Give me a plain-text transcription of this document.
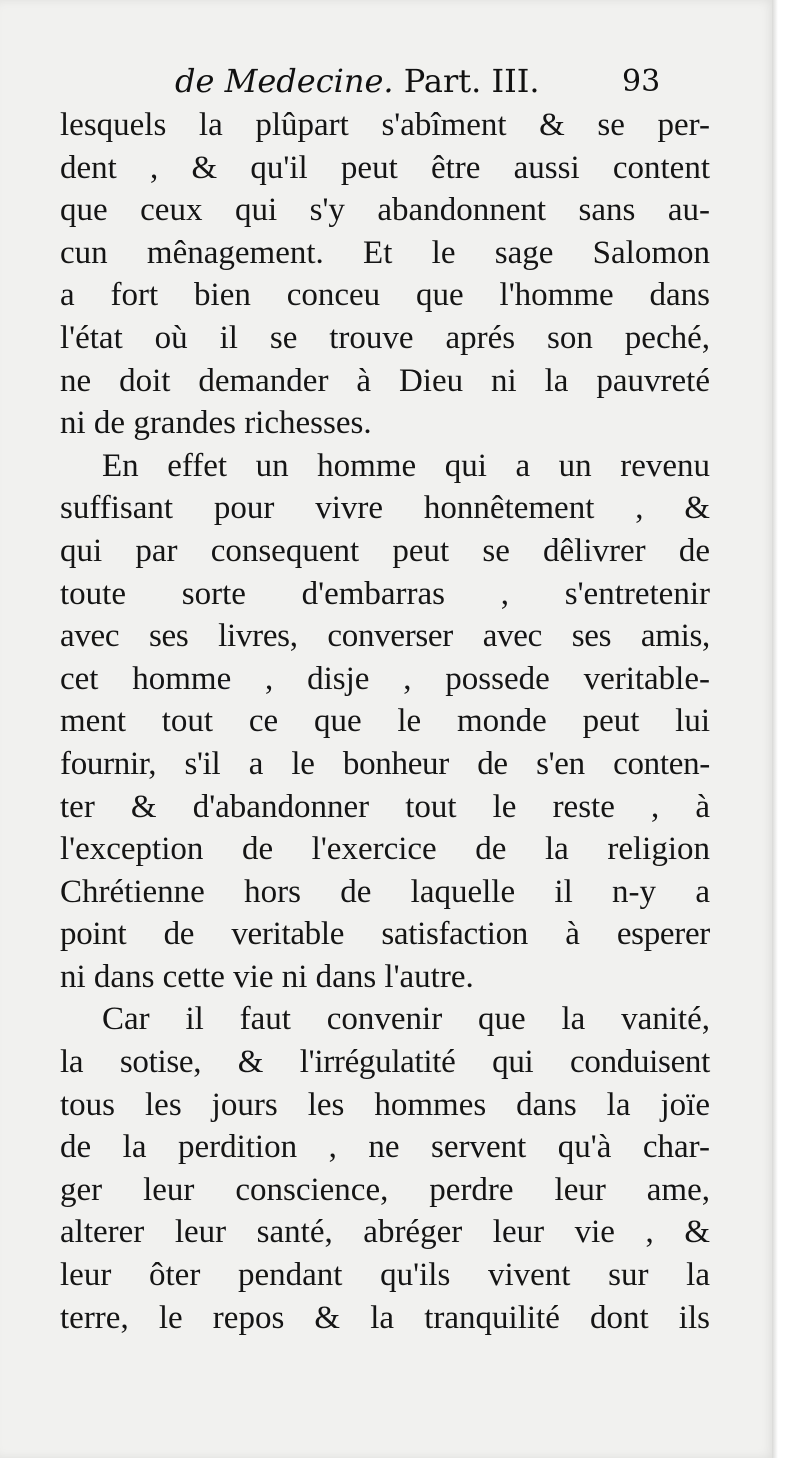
de Medecine. Part. III.	93
lesquels la plûpart s'abîment & se per-
dent , & qu'il peut être aussi content
que ceux qui s'y abandonnent sans au-
cun mênagement. Et le sage Salomon
a fort bien conceu que l'homme dans
l'état où il se trouve aprés son peché,
ne doit demander à Dieu ni la pauvreté
ni de grandes richesses.
En effet un homme qui a un revenu
suffisant pour vivre honnêtement , &
qui par consequent peut se dêlivrer de
toute sorte d'embarras , s'entretenir
avec ses livres, converser avec ses amis,
cet homme , disje , possede veritable-
ment tout ce que le monde peut lui
fournir, s'il a le bonheur de s'en conten-
ter & d'abandonner tout le reste , à
l'exception de l'exercice de la religion
Chrétienne hors de laquelle il n-y a
point de veritable satisfaction à esperer
ni dans cette vie ni dans l'autre.
Car il faut convenir que la vanité,
la sotise, & l'irrégulatité qui conduisent
tous les jours les hommes dans la joïe
de la perdition , ne servent qu'à char-
ger leur conscience, perdre leur ame,
alterer leur santé, abréger leur vie , &
leur ôter pendant qu'ils vivent sur la
terre, le repos & la tranquilité dont ils
